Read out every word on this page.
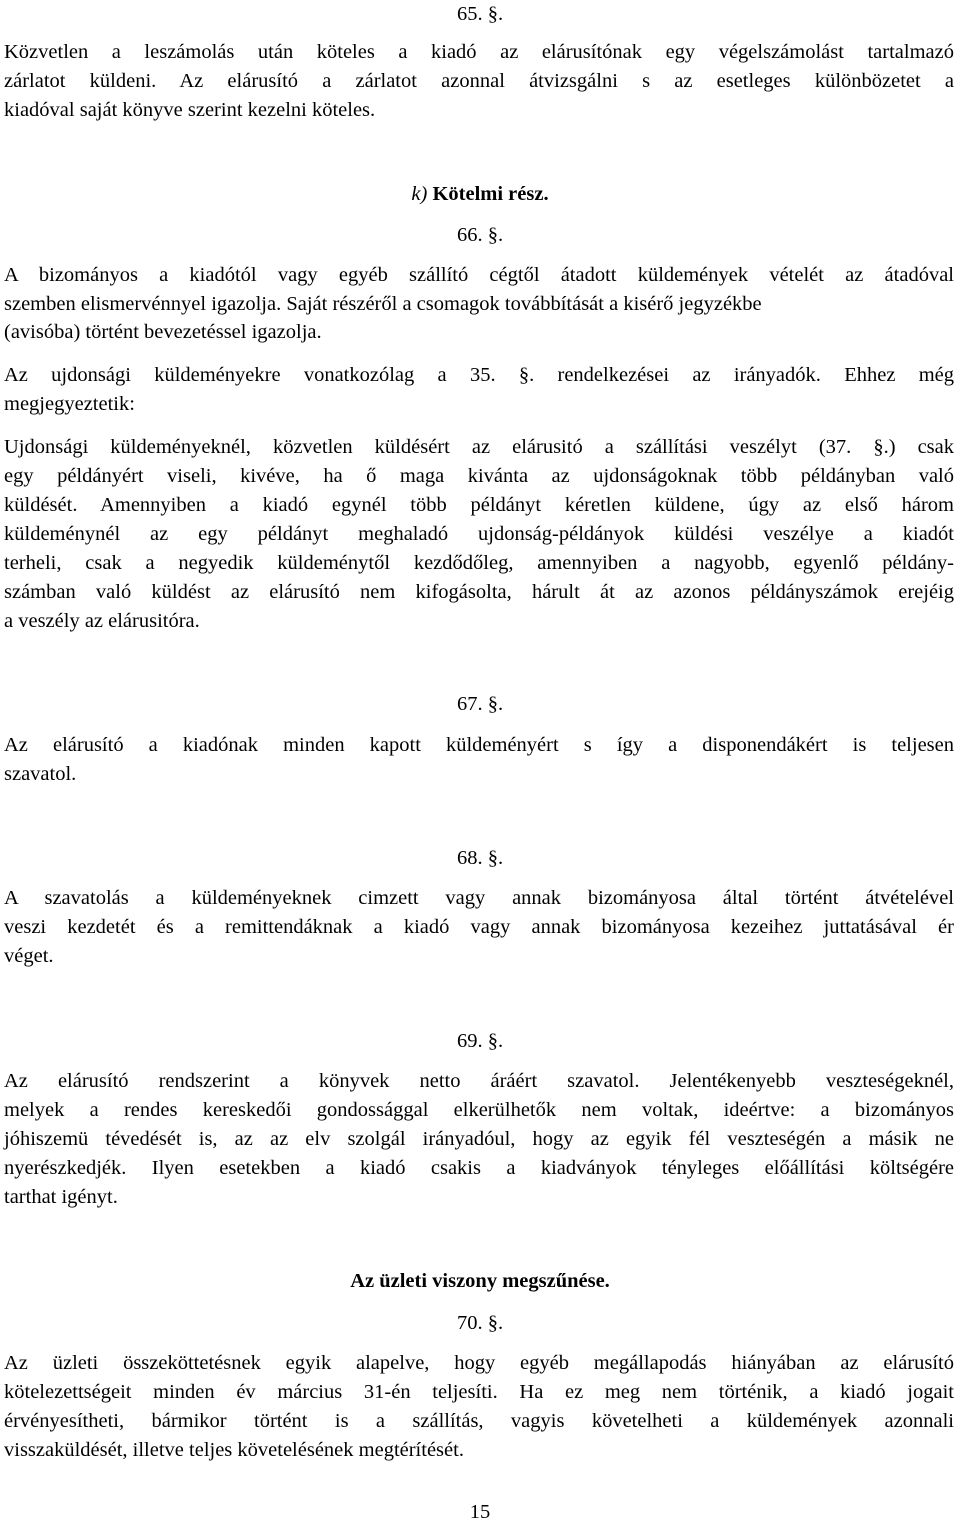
65. §.
Közvetlen a leszámolás után köteles a kiadó az elárusítónak egy végelszámolást tartalmazó
zárlatot küldeni. Az elárusító a zárlatot azonnal átvizsgálni s az esetleges különbözetet a
kiadóval saját könyve szerint kezelni köteles.
k) Kötelmi rész.
66. §.
A bizományos a kiadótól vagy egyéb szállító cégtől átadott küldemények vételét az átadóval
szemben elismervénnyel igazolja. Saját részéről a csomagok továbbítását a kisérő jegyzékbe
(avisóba) történt bevezetéssel igazolja.
Az ujdonsági küldeményekre vonatkozólag a 35. §. rendelkezései az irányadók. Ehhez még
megjegyeztetik:
Ujdonsági küldeményeknél, közvetlen küldésért az elárusitó a szállítási veszélyt (37. §.) csak
egy példányért viseli, kivéve, ha ő maga kivánta az ujdonságoknak több példányban való
küldését. Amennyiben a kiadó egynél több példányt kéretlen küldene, úgy az első három
küldeménynél az egy példányt meghaladó ujdonság-példányok küldési veszélye a kiadót
terheli, csak a negyedik küldeménytől kezdődőleg, amennyiben a nagyobb, egyenlő példány-
számban való küldést az elárusító nem kifogásolta, hárult át az azonos példányszámok erejéig
a veszély az elárusitóra.
67. §.
Az elárusító a kiadónak minden kapott küldeményért s így a disponendákért is teljesen
szavatol.
68. §.
A szavatolás a küldeményeknek cimzett vagy annak bizományosa által történt átvételével
veszi kezdetét és a remittendáknak a kiadó vagy annak bizományosa kezeihez juttatásával ér
véget.
69. §.
Az elárusító rendszerint a könyvek netto áráért szavatol. Jelentékenyebb veszteségeknél,
melyek a rendes kereskedői gondossággal elkerülhetők nem voltak, ideértve: a bizományos
jóhiszemü tévedését is, az az elv szolgál irányadóul, hogy az egyik fél veszteségén a másik ne
nyerészkedjék. Ilyen esetekben a kiadó csakis a kiadványok tényleges előállítási költségére
tarthat igényt.
Az üzleti viszony megszűnése.
70. §.
Az üzleti összeköttetésnek egyik alapelve, hogy egyéb megállapodás hiányában az elárusító
kötelezettségeit minden év március 31-én teljesíti. Ha ez meg nem történik, a kiadó jogait
érvényesítheti, bármikor történt is a szállítás, vagyis követelheti a küldemények azonnali
visszaküldését, illetve teljes követelésének megtérítését.
15
